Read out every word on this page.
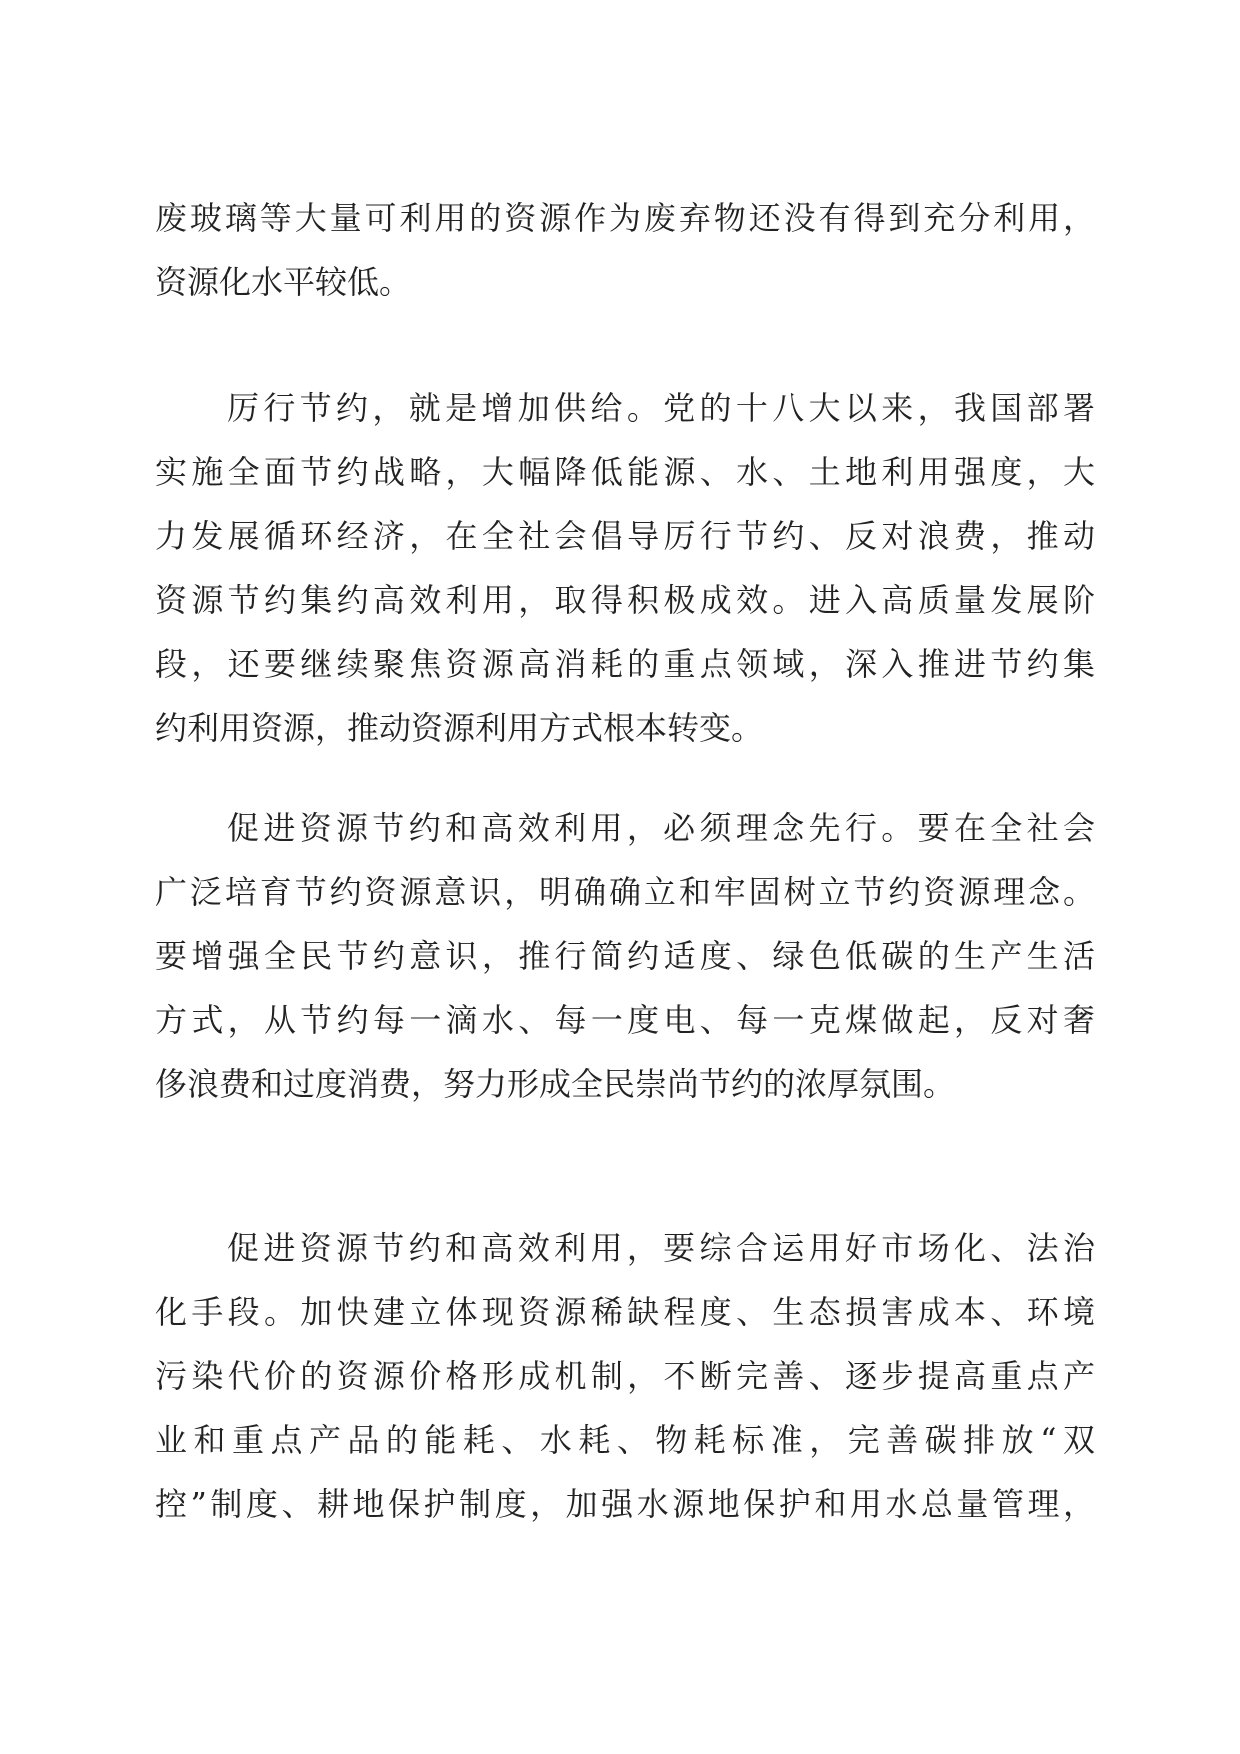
废玻璃等大量可利用的资源作为废弃物还没有得到充分利用，
资源化水平较低。
厉行节约，就是增加供给。党的十八大以来，我国部署
实施全面节约战略，大幅降低能源、水、土地利用强度，大
力发展循环经济，在全社会倡导厉行节约、反对浪费，推动
资源节约集约高效利用，取得积极成效。进入高质量发展阶
段，还要继续聚焦资源高消耗的重点领域，深入推进节约集
约利用资源，推动资源利用方式根本转变。
促进资源节约和高效利用，必须理念先行。要在全社会
广泛培育节约资源意识，明确确立和牢固树立节约资源理念。
要增强全民节约意识，推行简约适度、绿色低碳的生产生活
方式，从节约每一滴水、每一度电、每一克煤做起，反对奢
侈浪费和过度消费，努力形成全民崇尚节约的浓厚氛围。
促进资源节约和高效利用，要综合运用好市场化、法治
化手段。加快建立体现资源稀缺程度、生态损害成本、环境
污染代价的资源价格形成机制，不断完善、逐步提高重点产
业和重点产品的能耗、水耗、物耗标准，完善碳排放“双
控”制度、耕地保护制度，加强水源地保护和用水总量管理，
